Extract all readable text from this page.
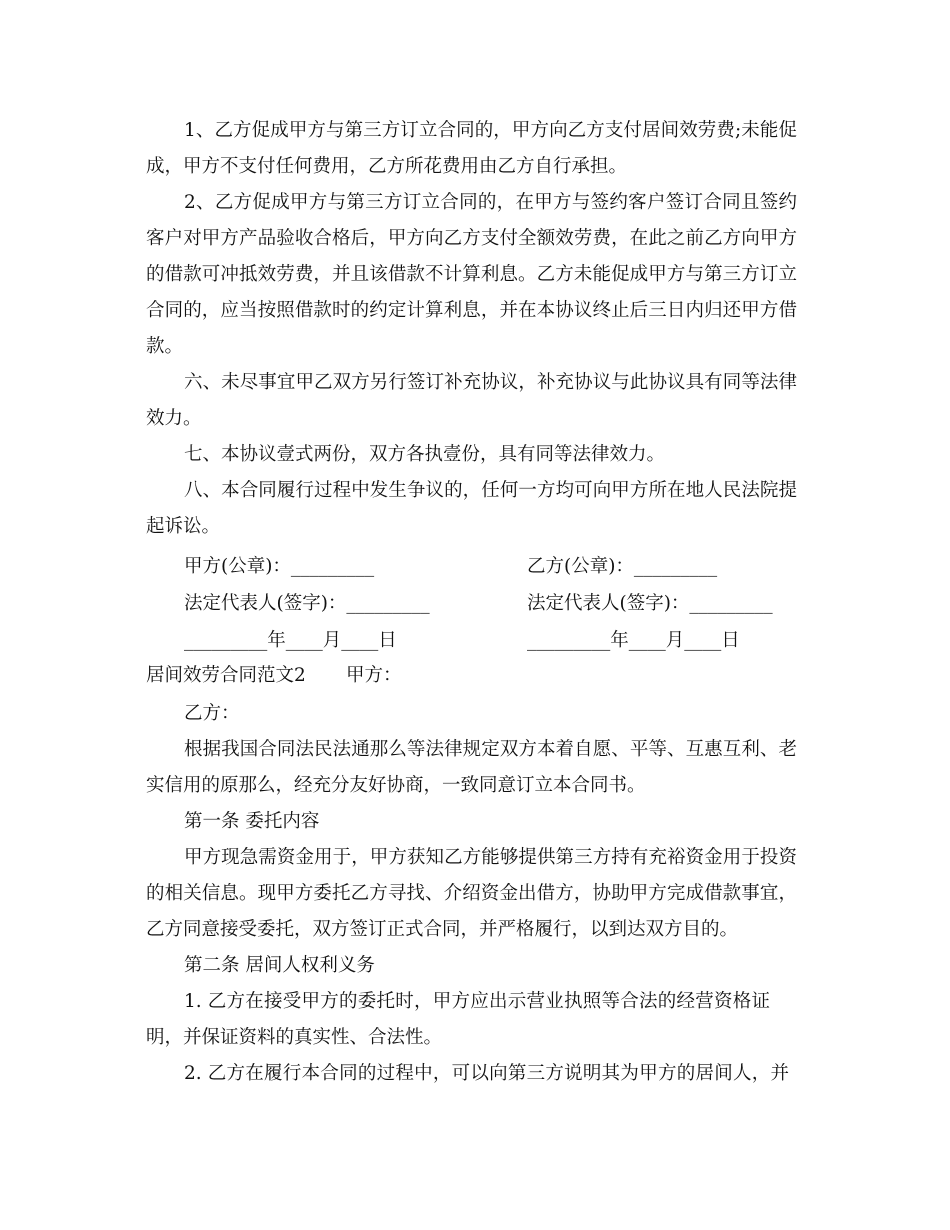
1、乙方促成甲方与第三方订立合同的，甲方向乙方支付居间效劳费;未能促
成，甲方不支付任何费用，乙方所花费用由乙方自行承担。
2、乙方促成甲方与第三方订立合同的，在甲方与签约客户签订合同且签约
客户对甲方产品验收合格后，甲方向乙方支付全额效劳费，在此之前乙方向甲方
的借款可冲抵效劳费，并且该借款不计算利息。乙方未能促成甲方与第三方订立
合同的，应当按照借款时的约定计算利息，并在本协议终止后三日内归还甲方借
款。
六、未尽事宜甲乙双方另行签订补充协议，补充协议与此协议具有同等法律
效力。
七、本协议壹式两份，双方各执壹份，具有同等法律效力。
八、本合同履行过程中发生争议的，任何一方均可向甲方所在地人民法院提
起诉讼。
甲方(公章)：_________	乙方(公章)：_________
法定代表人(签字)：_________	法定代表人(签字)：_________
_________年____月____日	_________年____月____日
居间效劳合同范文2 甲方：
乙方：
根据我国合同法民法通那么等法律规定双方本着自愿、平等、互惠互利、老
实信用的原那么，经充分友好协商，一致同意订立本合同书。
第一条 委托内容
甲方现急需资金用于，甲方获知乙方能够提供第三方持有充裕资金用于投资
的相关信息。现甲方委托乙方寻找、介绍资金出借方，协助甲方完成借款事宜，
乙方同意接受委托，双方签订正式合同，并严格履行，以到达双方目的。
第二条 居间人权利义务
1. 乙方在接受甲方的委托时，甲方应出示营业执照等合法的经营资格证
明，并保证资料的真实性、合法性。
2. 乙方在履行本合同的过程中，可以向第三方说明其为甲方的居间人，并
